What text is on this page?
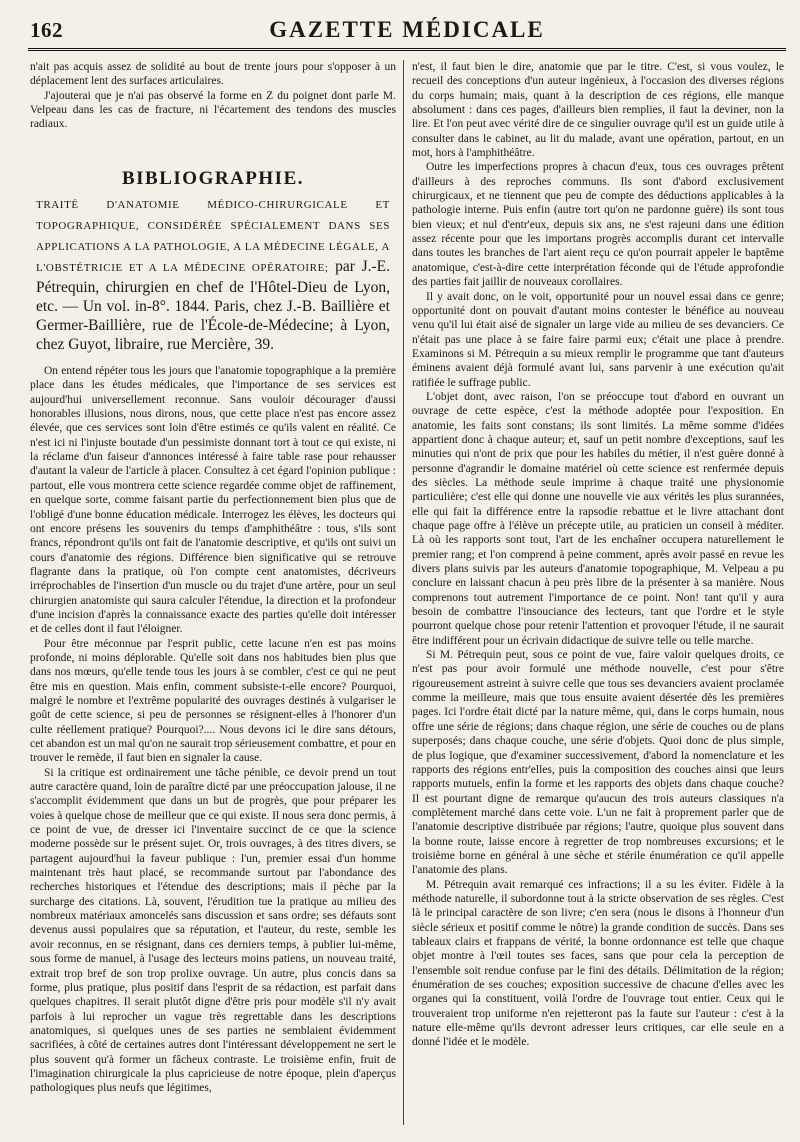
162	GAZETTE MÉDICALE

n'ait pas acquis assez de solidité au bout de trente jours pour s'opposer à un déplacement lent des surfaces articulaires.

J'ajouterai que je n'ai pas observé la forme en Z du poignet dont parle M. Velpeau dans les cas de fracture, ni l'écartement des tendons des muscles radiaux.

BIBLIOGRAPHIE.
TRAITÉ D'ANATOMIE MÉDICO-CHIRURGICALE ET TOPOGRAPHIQUE, CONSIDÉRÉE SPÉCIALEMENT DANS SES APPLICATIONS A LA PATHOLOGIE, A LA MÉDECINE LÉGALE, A L'OBSTÉTRICIE ET A LA MÉDECINE OPÉRATOIRE; par J.-E. Pétrequin, chirurgien en chef de l'Hôtel-Dieu de Lyon, etc. — Un vol. in-8°. 1844. Paris, chez J.-B. Baillière et Germer-Baillière, rue de l'École-de-Médecine; à Lyon, chez Guyot, libraire, rue Mercière, 39.

On entend répéter tous les jours que l'anatomie topographique a la première place dans les études médicales, que l'importance de ses services est aujourd'hui universellement reconnue. Sans vouloir décourager d'aussi honorables illusions, nous dirons, nous, que cette place n'est pas encore assez élevée, que ces services sont loin d'être estimés ce qu'ils valent en réalité. Ce n'est ici ni l'injuste boutade d'un pessimiste donnant tort à tout ce qui existe, ni la réclame d'un faiseur d'annonces intéressé à faire table rase pour rehausser d'autant la valeur de l'article à placer. Consultez à cet égard l'opinion publique : partout, elle vous montrera cette science regardée comme objet de raffinement, en quelque sorte, comme faisant partie du perfectionnement bien plus que de l'obligé d'une bonne éducation médicale. Interrogez les élèves, les docteurs qui ont encore présens les souvenirs du temps d'amphithéâtre : tous, s'ils sont francs, répondront qu'ils ont fait de l'anatomie descriptive, et qu'ils ont suivi un cours d'anatomie des régions. Différence bien significative qui se retrouve flagrante dans la pratique, où l'on compte cent anatomistes, décriveurs irréprochables de l'insertion d'un muscle ou du trajet d'une artère, pour un seul chirurgien anatomiste qui saura calculer l'étendue, la direction et la profondeur d'une incision d'après la connaissance exacte des parties qu'elle doit intéresser et de celles dont il faut l'éloigner.

Pour être méconnue par l'esprit public, cette lacune n'en est pas moins profonde, ni moins déplorable. Qu'elle soit dans nos habitudes bien plus que dans nos mœurs, qu'elle tende tous les jours à se combler, c'est ce qui ne peut être mis en question. Mais enfin, comment subsiste-t-elle encore? Pourquoi, malgré le nombre et l'extrême popularité des ouvrages destinés à vulgariser le goût de cette science, si peu de personnes se résignent-elles à l'honorer d'un culte réellement pratique? Pourquoi?.... Nous devons ici le dire sans détours, cet abandon est un mal qu'on ne saurait trop sérieusement combattre, et pour en trouver le remède, il faut bien en signaler la cause.

Si la critique est ordinairement une tâche pénible, ce devoir prend un tout autre caractère quand, loin de paraître dicté par une préoccupation jalouse, il ne s'accomplit évidemment que dans un but de progrès, que pour préparer les voies à quelque chose de meilleur que ce qui existe. Il nous sera donc permis, à ce point de vue, de dresser ici l'inventaire succinct de ce que la science moderne possède sur le présent sujet. Or, trois ouvrages, à des titres divers, se partagent aujourd'hui la faveur publique : l'un, premier essai d'un homme maintenant très haut placé, se recommande surtout par l'abondance des recherches historiques et l'étendue des descriptions; mais il pèche par la surcharge des citations. Là, souvent, l'érudition tue la pratique au milieu des nombreux matériaux amoncelés sans discussion et sans ordre; ses défauts sont devenus aussi populaires que sa réputation, et l'auteur, du reste, semble les avoir reconnus, en se résignant, dans ces derniers temps, à publier lui-même, sous forme de manuel, à l'usage des lecteurs moins patiens, un nouveau traité, extrait trop bref de son trop prolixe ouvrage. Un autre, plus concis dans sa forme, plus pratique, plus positif dans l'esprit de sa rédaction, est parfait dans quelques chapitres. Il serait plutôt digne d'être pris pour modèle s'il n'y avait parfois à lui reprocher un vague très regrettable dans les descriptions anatomiques, si quelques unes de ses parties ne semblaient évidemment sacrifiées, à côté de certaines autres dont l'intéressant développement ne sert le plus souvent qu'à former un fâcheux contraste. Le troisième enfin, fruit de l'imagination chirurgicale la plus capricieuse de notre époque, plein d'aperçus pathologiques plus neufs que légitimes,

n'est, il faut bien le dire, anatomie que par le titre. C'est, si vous voulez, le recueil des conceptions d'un auteur ingénieux, à l'occasion des diverses régions du corps humain; mais, quant à la description de ces régions, elle manque absolument : dans ces pages, d'ailleurs bien remplies, il faut la deviner, non la lire. Et l'on peut avec vérité dire de ce singulier ouvrage qu'il est un guide utile à consulter dans le cabinet, au lit du malade, avant une opération, partout, en un mot, hors à l'amphithéâtre.

Outre les imperfections propres à chacun d'eux, tous ces ouvrages prêtent d'ailleurs à des reproches communs. Ils sont d'abord exclusivement chirurgicaux, et ne tiennent que peu de compte des déductions applicables à la pathologie interne. Puis enfin (autre tort qu'on ne pardonne guère) ils sont tous bien vieux; et nul d'entr'eux, depuis six ans, ne s'est rajeuni dans une édition assez récente pour que les importans progrès accomplis durant cet intervalle dans toutes les branches de l'art aient reçu ce qu'on pourrait appeler le baptême anatomique, c'est-à-dire cette interprétation féconde qui de l'étude approfondie des parties fait jaillir de nouveaux corollaires.

Il y avait donc, on le voit, opportunité pour un nouvel essai dans ce genre; opportunité dont on pouvait d'autant moins contester le bénéfice au nouveau venu qu'il lui était aisé de signaler un large vide au milieu de ses devanciers. Ce n'était pas une place à se faire faire parmi eux; c'était une place à prendre. Examinons si M. Pétrequin a su mieux remplir le programme que tant d'auteurs éminens avaient déjà formulé avant lui, sans parvenir à une exécution qu'ait ratifiée le suffrage public.

L'objet dont, avec raison, l'on se préoccupe tout d'abord en ouvrant un ouvrage de cette espèce, c'est la méthode adoptée pour l'exposition. En anatomie, les faits sont constans; ils sont limités. La même somme d'idées appartient donc à chaque auteur; et, sauf un petit nombre d'exceptions, sauf les minuties qui n'ont de prix que pour les habiles du métier, il n'est guère donné à personne d'agrandir le domaine matériel où cette science est renfermée depuis des siècles. La méthode seule imprime à chaque traité une physionomie particulière; c'est elle qui donne une nouvelle vie aux vérités les plus surannées, elle qui fait la différence entre la rapsodie rebattue et le livre attachant dont chaque page offre à l'élève un précepte utile, au praticien un conseil à méditer. Là où les rapports sont tout, l'art de les enchaîner occupera naturellement le premier rang; et l'on comprend à peine comment, après avoir passé en revue les divers plans suivis par les auteurs d'anatomie topographique, M. Velpeau a pu conclure en laissant chacun à peu près libre de la présenter à sa manière. Nous comprenons tout autrement l'importance de ce point. Non! tant qu'il y aura besoin de combattre l'insouciance des lecteurs, tant que l'ordre et le style pourront quelque chose pour retenir l'attention et provoquer l'étude, il ne saurait être indifférent pour un écrivain didactique de suivre telle ou telle marche.

Si M. Pétrequin peut, sous ce point de vue, faire valoir quelques droits, ce n'est pas pour avoir formulé une méthode nouvelle, c'est pour s'être rigoureusement astreint à suivre celle que tous ses devanciers avaient proclamée comme la meilleure, mais que tous ensuite avaient désertée dès les premières pages. Ici l'ordre était dicté par la nature même, qui, dans le corps humain, nous offre une série de régions; dans chaque région, une série de couches ou de plans superposés; dans chaque couche, une série d'objets. Quoi donc de plus simple, de plus logique, que d'examiner successivement, d'abord la nomenclature et les rapports des régions entr'elles, puis la composition des couches ainsi que leurs rapports mutuels, enfin la forme et les rapports des objets dans chaque couche? Il est pourtant digne de remarque qu'aucun des trois auteurs classiques n'a complètement marché dans cette voie. L'un ne fait à proprement parler que de l'anatomie descriptive distribuée par régions; l'autre, quoique plus souvent dans la bonne route, laisse encore à regretter de trop nombreuses excursions; et le troisième borne en général à une sèche et stérile énumération ce qu'il appelle l'anatomie des plans.

M. Pétrequin avait remarqué ces infractions; il a su les éviter. Fidèle à la méthode naturelle, il subordonne tout à la stricte observation de ses règles. C'est là le principal caractère de son livre; c'en sera (nous le disons à l'honneur d'un siècle sérieux et positif comme le nôtre) la grande condition de succès. Dans ses tableaux clairs et frappans de vérité, la bonne ordonnance est telle que chaque objet montre à l'œil toutes ses faces, sans que pour cela la perception de l'ensemble soit rendue confuse par le fini des détails. Délimitation de la région; énumération de ses couches; exposition successive de chacune d'elles avec les organes qui la constituent, voilà l'ordre de l'ouvrage tout entier. Ceux qui le trouveraient trop uniforme n'en rejetteront pas la faute sur l'auteur : c'est à la nature elle-même qu'ils devront adresser leurs critiques, car elle seule en a donné l'idée et le modèle.
